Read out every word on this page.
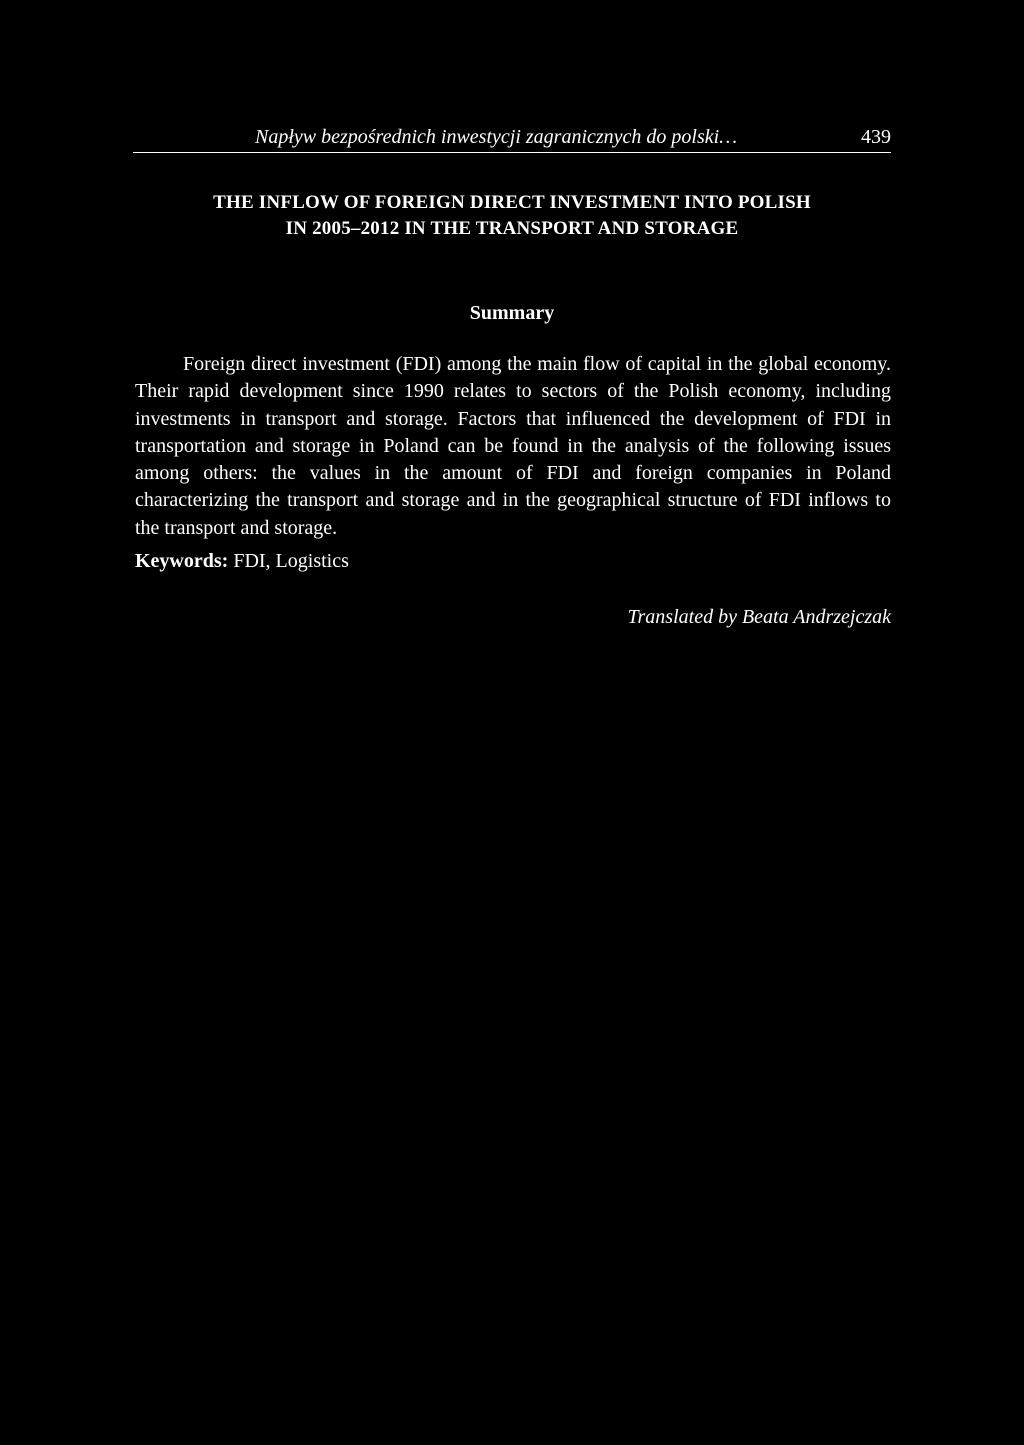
Napływ bezpośrednich inwestycji zagranicznych do polski…	439
THE INFLOW OF FOREIGN DIRECT INVESTMENT INTO POLISH
IN 2005–2012 IN THE TRANSPORT AND STORAGE
Summary

Foreign direct investment (FDI) among the main flow of capital in the global economy. Their rapid development since 1990 relates to sectors of the Polish economy, including investments in transport and storage. Factors that influenced the development of FDI in transportation and storage in Poland can be found in the analysis of the following issues among others: the values in the amount of FDI and foreign companies in Poland characterizing the transport and storage and in the geographical structure of FDI inflows to the transport and storage.

Keywords: FDI, Logistics
Translated by Beata Andrzejczak
